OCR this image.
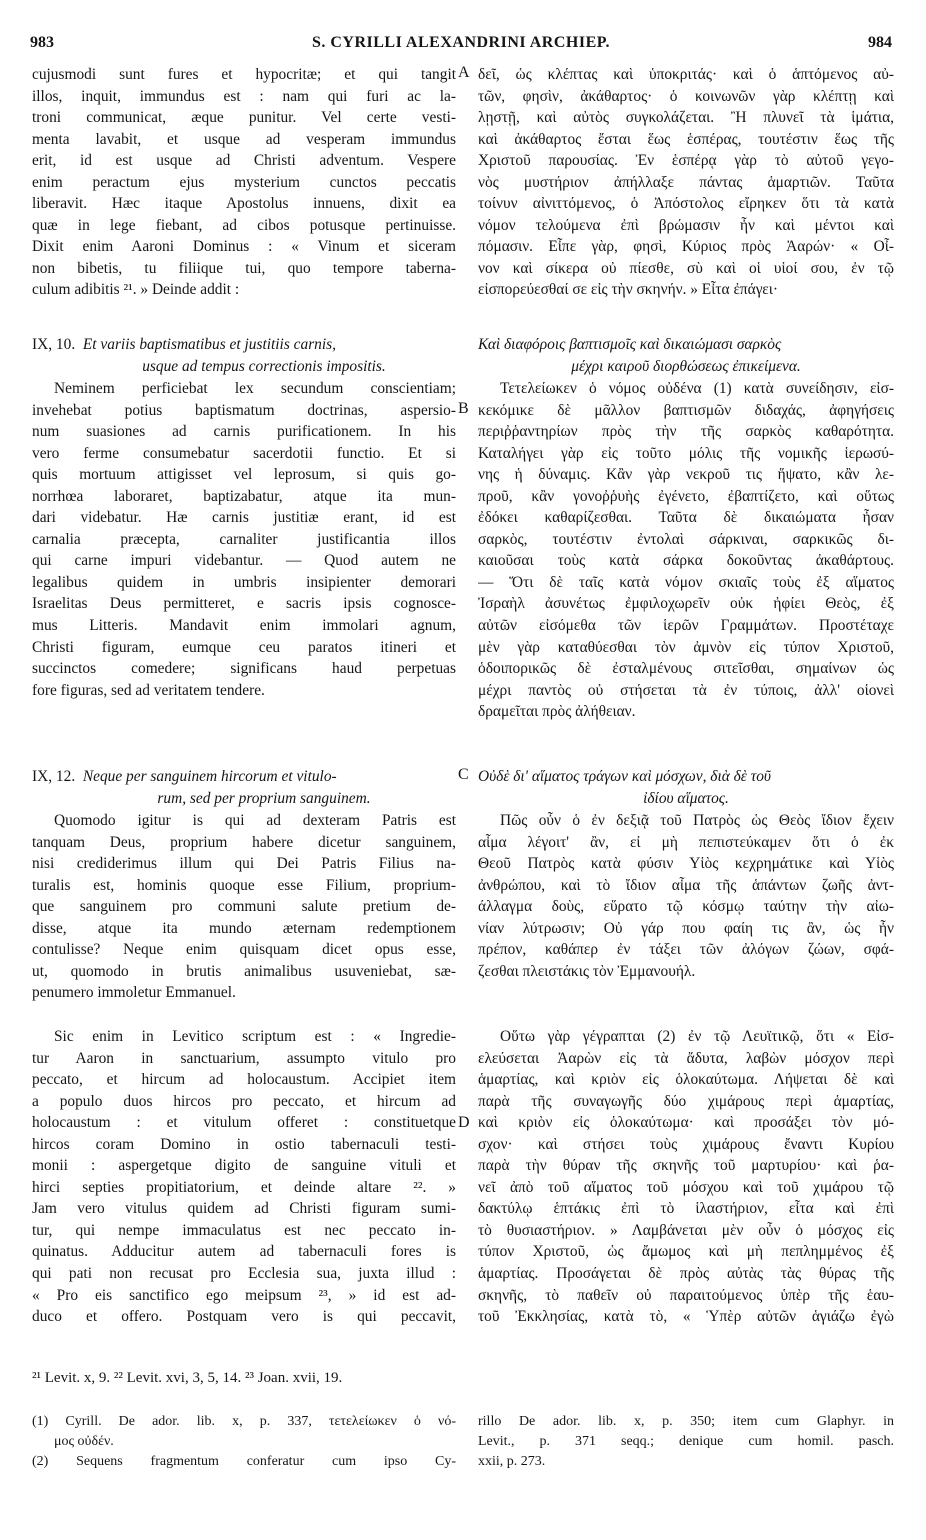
983	S. CYRILLI ALEXANDRINI ARCHIEP.	984
A
B
C
D

cujusmodi sunt fures et hypocritæ; et qui tangit

illos, inquit, immundus est : nam qui furi ac la-

troni communicat, æque punitur. Vel certe vesti-

menta lavabit, et usque ad vesperam immundus

erit, id est usque ad Christi adventum. Vespere

enim peractum ejus mysterium cunctos peccatis

liberavit. Hæc itaque Apostolus innuens, dixit ea

quæ in lege fiebant, ad cibos potusque pertinuisse.

Dixit enim Aaroni Dominus : « Vinum et siceram

non bibetis, tu filiique tui, quo tempore taberna-

culum adibitis ²¹. » Deinde addit :

IX, 10. Et variis baptismatibus et justitiis carnis,

usque ad tempus correctionis impositis.

Neminem perficiebat lex secundum conscientiam;

invehebat potius baptismatum doctrinas, aspersio-

num suasiones ad carnis purificationem. In his

vero ferme consumebatur sacerdotii functio. Et si

quis mortuum attigisset vel leprosum, si quis go-

norrhœa laboraret, baptizabatur, atque ita mun-

dari videbatur. Hæ carnis justitiæ erant, id est

carnalia præcepta, carnaliter justificantia illos

qui carne impuri videbantur. — Quod autem ne

legalibus quidem in umbris insipienter demorari

Israelitas Deus permitteret, e sacris ipsis cognosce-

mus Litteris. Mandavit enim immolari agnum,

Christi figuram, eumque ceu paratos itineri et

succinctos comedere; significans haud perpetuas

fore figuras, sed ad veritatem tendere.

IX, 12. Neque per sanguinem hircorum et vitulo-

rum, sed per proprium sanguinem.

Quomodo igitur is qui ad dexteram Patris est

tanquam Deus, proprium habere dicetur sanguinem,

nisi crediderimus illum qui Dei Patris Filius na-

turalis est, hominis quoque esse Filium, proprium-

que sanguinem pro communi salute pretium de-

disse, atque ita mundo æternam redemptionem

contulisse? Neque enim quisquam dicet opus esse,

ut, quomodo in brutis animalibus usuveniebat, sæ-

penumero immoletur Emmanuel.

Sic enim in Levitico scriptum est : « Ingredie-

tur Aaron in sanctuarium, assumpto vitulo pro

peccato, et hircum ad holocaustum. Accipiet item

a populo duos hircos pro peccato, et hircum ad

holocaustum : et vitulum offeret : constituetque

hircos coram Domino in ostio tabernaculi testi-

monii : aspergetque digito de sanguine vituli et

hirci septies propitiatorium, et deinde altare ²². »

Jam vero vitulus quidem ad Christi figuram sumi-

tur, qui nempe immaculatus est nec peccato in-

quinatus. Adducitur autem ad tabernaculi fores is

qui pati non recusat pro Ecclesia sua, juxta illud :

« Pro eis sanctifico ego meipsum ²³, » id est ad-

duco et offero. Postquam vero is qui peccavit,

δεῖ, ὡς κλέπτας καὶ ὑποκριτάς· καὶ ὁ ἁπτόμενος αὐ-

τῶν, φησὶν, ἀκάθαρτος· ὁ κοινωνῶν γὰρ κλέπτῃ καὶ

λῃστῇ, καὶ αὐτὸς συγκολάζεται. Ἢ πλυνεῖ τὰ ἱμάτια,

καὶ ἀκάθαρτος ἔσται ἕως ἑσπέρας, τουτέστιν ἕως τῆς

Χριστοῦ παρουσίας. Ἐν ἑσπέρᾳ γὰρ τὸ αὐτοῦ γεγο-

νὸς μυστήριον ἀπήλλαξε πάντας ἁμαρτιῶν. Ταῦτα

τοίνυν αἰνιττόμενος, ὁ Ἀπόστολος εἴρηκεν ὅτι τὰ κατὰ

νόμον τελούμενα ἐπὶ βρώμασιν ἦν καὶ μέντοι καὶ

πόμασιν. Εἶπε γὰρ, φησὶ, Κύριος πρὸς Ἀαρών· « Οἶ-

νον καὶ σίκερα οὐ πίεσθε, σὺ καὶ οἱ υἱοί σου, ἐν τῷ

εἰσπορεύεσθαί σε εἰς τὴν σκηνήν. » Εἶτα ἐπάγει·

Καὶ διαφόροις βαπτισμοῖς καὶ δικαιώμασι σαρκὸς

μέχρι καιροῦ διορθώσεως ἐπικείμενα.

Τετελείωκεν ὁ νόμος οὐδένα (1) κατὰ συνείδησιν, εἰσ-

κεκόμικε δὲ μᾶλλον βαπτισμῶν διδαχάς, ἀφηγήσεις

περιῤῥαντηρίων πρὸς τὴν τῆς σαρκὸς καθαρότητα.

Καταλήγει γὰρ εἰς τοῦτο μόλις τῆς νομικῆς ἱερωσύ-

νης ἡ δύναμις. Κἂν γὰρ νεκροῦ τις ἥψατο, κἂν λε-

προῦ, κἂν γονοῤῥυὴς ἐγένετο, ἐβαπτίζετο, καὶ οὕτως

ἐδόκει καθαρίζεσθαι. Ταῦτα δὲ δικαιώματα ἦσαν

σαρκὸς, τουτέστιν ἐντολαὶ σάρκιναι, σαρκικῶς δι-

καιοῦσαι τοὺς κατὰ σάρκα δοκοῦντας ἀκαθάρτους.

— Ὅτι δὲ ταῖς κατὰ νόμον σκιαῖς τοὺς ἐξ αἵματος

Ἰσραὴλ ἀσυνέτως ἐμφιλοχωρεῖν οὐκ ἠφίει Θεὸς, ἐξ

αὐτῶν εἰσόμεθα τῶν ἱερῶν Γραμμάτων. Προστέταχε

μὲν γὰρ καταθύεσθαι τὸν ἀμνὸν εἰς τύπον Χριστοῦ,

ὁδοιπορικῶς δὲ ἐσταλμένους σιτεῖσθαι, σημαίνων ὡς

μέχρι παντὸς οὐ στήσεται τὰ ἐν τύποις, ἀλλ' οἱονεὶ

δραμεῖται πρὸς ἀλήθειαν.

Οὐδὲ δι' αἵματος τράγων καὶ μόσχων, διὰ δὲ τοῦ

ἰδίου αἵματος.

Πῶς οὖν ὁ ἐν δεξιᾷ τοῦ Πατρὸς ὡς Θεὸς ἴδιον ἔχειν

αἷμα λέγοιτ' ἂν, εἰ μὴ πεπιστεύκαμεν ὅτι ὁ ἐκ

Θεοῦ Πατρὸς κατὰ φύσιν Υἱὸς κεχρημάτικε καὶ Υἱὸς

ἀνθρώπου, καὶ τὸ ἴδιον αἷμα τῆς ἁπάντων ζωῆς ἀντ-

άλλαγμα δοὺς, εὕρατο τῷ κόσμῳ ταύτην τὴν αἰω-

νίαν λύτρωσιν; Οὐ γάρ που φαίη τις ἂν, ὡς ἦν

πρέπον, καθάπερ ἐν τάξει τῶν ἀλόγων ζώων, σφά-

ζεσθαι πλειστάκις τὸν Ἐμμανουήλ.

Οὕτω γὰρ γέγραπται (2) ἐν τῷ Λευϊτικῷ, ὅτι « Εἰσ-

ελεύσεται Ἀαρὼν εἰς τὰ ἄδυτα, λαβὼν μόσχον περὶ

ἁμαρτίας, καὶ κριὸν εἰς ὁλοκαύτωμα. Λήψεται δὲ καὶ

παρὰ τῆς συναγωγῆς δύο χιμάρους περὶ ἁμαρτίας,

καὶ κριὸν εἰς ὁλοκαύτωμα· καὶ προσάξει τὸν μό-

σχον· καὶ στήσει τοὺς χιμάρους ἔναντι Κυρίου

παρὰ τὴν θύραν τῆς σκηνῆς τοῦ μαρτυρίου· καὶ ῥα-

νεῖ ἀπὸ τοῦ αἵματος τοῦ μόσχου καὶ τοῦ χιμάρου τῷ

δακτύλῳ ἑπτάκις ἐπὶ τὸ ἱλαστήριον, εἶτα καὶ ἐπὶ

τὸ θυσιαστήριον. » Λαμβάνεται μὲν οὖν ὁ μόσχος εἰς

τύπον Χριστοῦ, ὡς ἄμωμος καὶ μὴ πεπλημμένος ἐξ

ἁμαρτίας. Προσάγεται δὲ πρὸς αὐτὰς τὰς θύρας τῆς

σκηνῆς, τὸ παθεῖν οὐ παραιτούμενος ὑπὲρ τῆς ἑαυ-

τοῦ Ἐκκλησίας, κατὰ τὸ, « Ὑπὲρ αὐτῶν ἁγιάζω ἐγὼ

²¹ Levit. x, 9. ²² Levit. xvi, 3, 5, 14. ²³ Joan. xvii, 19.
(1) Cyrill. De ador. lib. x, p. 337, τετελείωκεν ὁ νό-
μος οὐδέν.
(2) Sequens fragmentum conferatur cum ipso Cy-
rillo De ador. lib. x, p. 350; item cum Glaphyr. in
Levit., p. 371 seqq.; denique cum homil. pasch.
xxii, p. 273.
